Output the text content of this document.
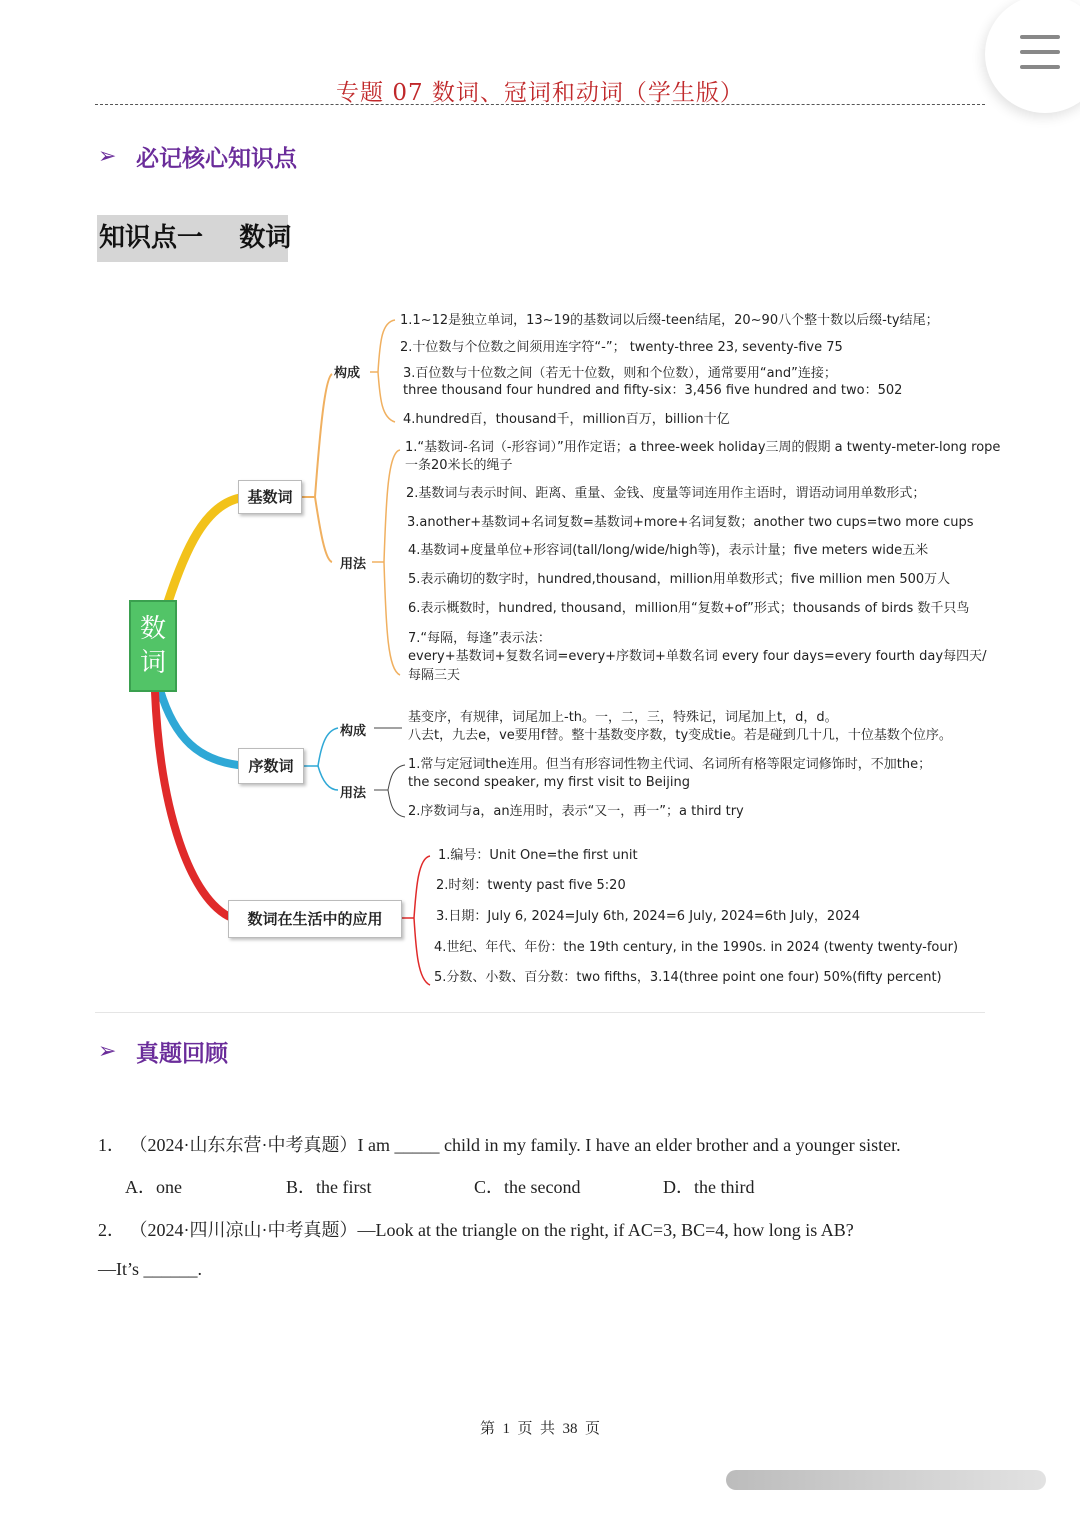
专题 07 数词、冠词和动词（学生版）
➢ 必记核心知识点
知识点一    数词
数
词
基数词
构成
用法
1.1~12是独立单词，13~19的基数词以后缀-teen结尾，20~90八个整十数以后缀-ty结尾；
2.十位数与个位数之间须用连字符“-”； twenty-three 23, seventy-five 75
3.百位数与十位数之间（若无十位数，则和个位数），通常要用“and”连接；
three thousand four hundred and fifty-six：3,456 five hundred and two：502
4.hundred百，thousand千，million百万，billion十亿
1.“基数词-名词（-形容词）”用作定语；a three-week holiday三周的假期 a twenty-meter-long rope
一条20米长的绳子
2.基数词与表示时间、距离、重量、金钱、度量等词连用作主语时，谓语动词用单数形式；
3.another+基数词+名词复数=基数词+more+名词复数；another two cups=two more cups
4.基数词+度量单位+形容词(tall/long/wide/high等)，表示计量；five meters wide五米
5.表示确切的数字时，hundred,thousand，million用单数形式；five million men 500万人
6.表示概数时，hundred, thousand，million用“复数+of”形式；thousands of birds 数千只鸟
7.“每隔，每逢”表示法：
every+基数词+复数名词=every+序数词+单数名词 every four days=every fourth day每四天/
每隔三天
序数词
构成
用法
基变序，有规律，词尾加上-th。一，二，三，特殊记，词尾加上t，d，d。
八去t，九去e，ve要用f替。整十基数变序数，ty变成tie。若是碰到几十几，十位基数个位序。
1.常与定冠词the连用。但当有形容词性物主代词、名词所有格等限定词修饰时，不加the；
the second speaker, my first visit to Beijing
2.序数词与a，an连用时，表示“又一，再一”；a third try
数词在生活中的应用
1.编号：Unit One=the first unit
2.时刻：twenty past five 5:20
3.日期：July 6, 2024=July 6th, 2024=6 July, 2024=6th July，2024
4.世纪、年代、年份：the 19th century, in the 1990s. in 2024 (twenty twenty-four)
5.分数、小数、百分数：two fifths，3.14(three point one four) 50%(fifty percent)
➢ 真题回顾
1． （2024·山东东营·中考真题）I am _____ child in my family. I have an elder brother and a younger sister.
A．one	B．the first	C．the second	D．the third
2． （2024·四川凉山·中考真题）—Look at the triangle on the right, if AC=3, BC=4, how long is AB?
—It’s ______.
第  1  页  共  38  页
